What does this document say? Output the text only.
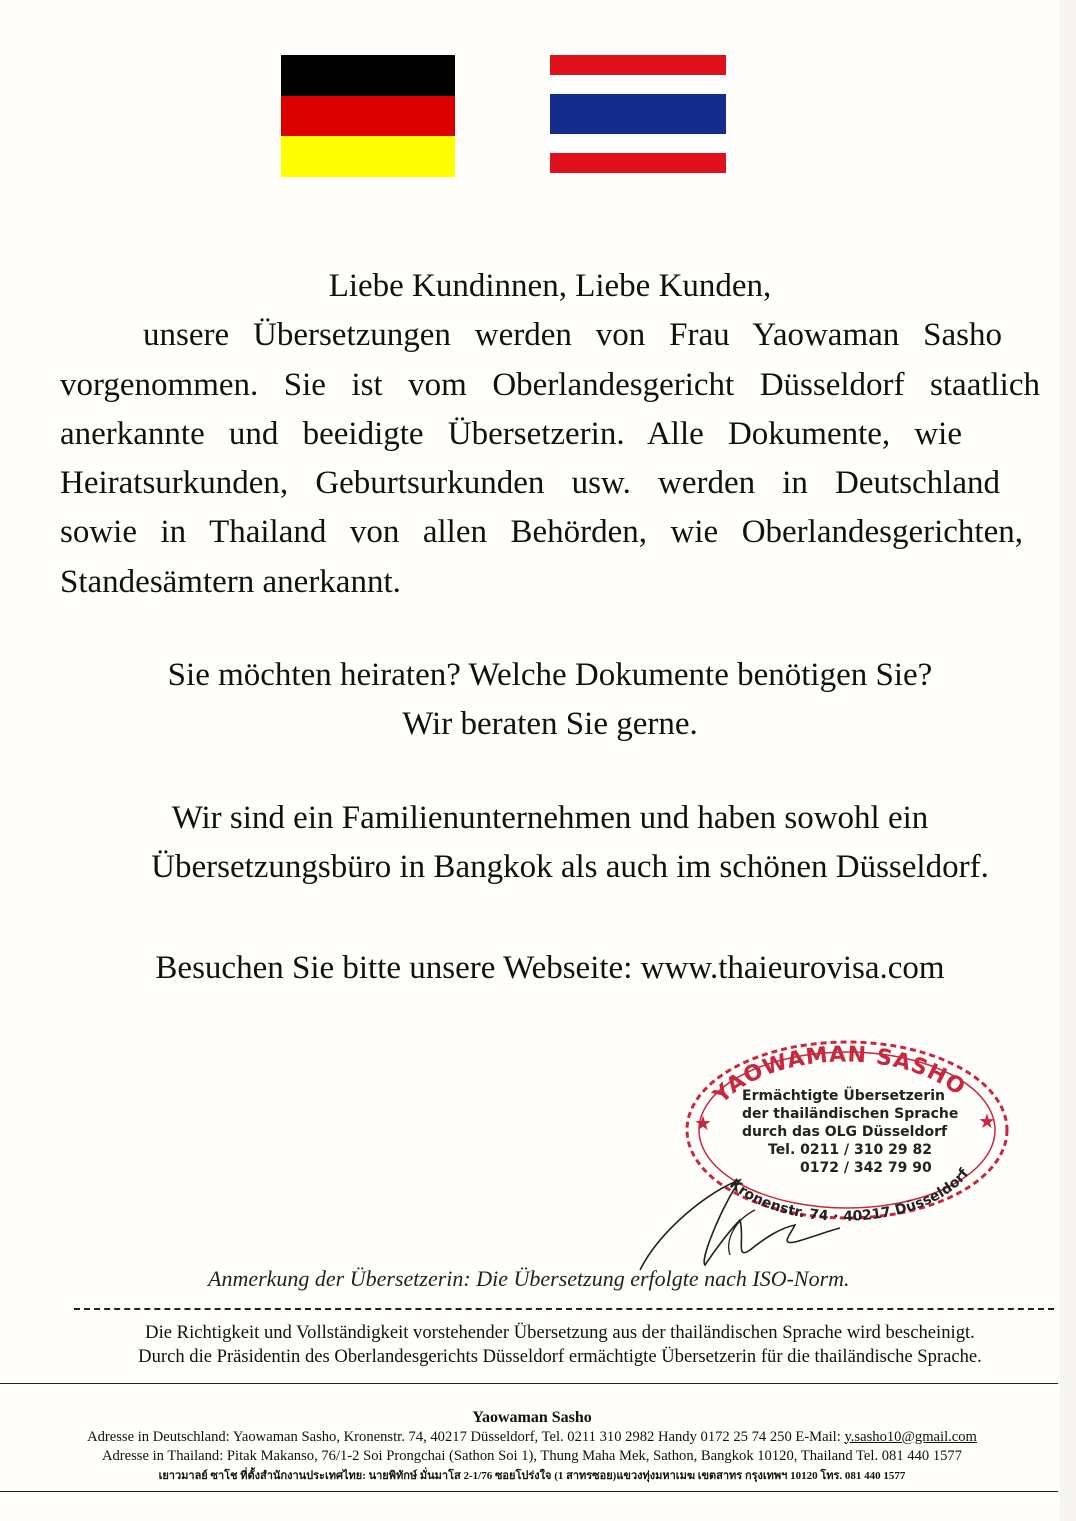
Liebe Kundinnen, Liebe Kunden,
unsere Übersetzungen werden von Frau Yaowaman Sasho
vorgenommen. Sie ist vom Oberlandesgericht Düsseldorf staatlich
anerkannte und beeidigte Übersetzerin. Alle Dokumente, wie
Heiratsurkunden, Geburtsurkunden usw. werden in Deutschland
sowie in Thailand von allen Behörden, wie Oberlandesgerichten,
Standesämtern anerkannt.
Sie möchten heiraten? Welche Dokumente benötigen Sie?
Wir beraten Sie gerne.
Wir sind ein Familienunternehmen und haben sowohl ein
Übersetzungsbüro in Bangkok als auch im schönen Düsseldorf.
Besuchen Sie bitte unsere Webseite: www.thaieurovisa.com
YAOWAMAN SASHO
Kronenstr. 74 · 40217 Düsseldorf
★	★
Ermächtigte Übersetzerin
der thailändischen Sprache
durch das OLG Düsseldorf
Tel. 0211 / 310 29 82
0172 / 342 79 90
Anmerkung der Übersetzerin: Die Übersetzung erfolgte nach ISO-Norm.
Die Richtigkeit und Vollständigkeit vorstehender Übersetzung aus der thailändischen Sprache wird bescheinigt.
Durch die Präsidentin des Oberlandesgerichts Düsseldorf ermächtigte Übersetzerin für die thailändische Sprache.
Yaowaman Sasho
Adresse in Deutschland: Yaowaman Sasho, Kronenstr. 74, 40217 Düsseldorf, Tel. 0211 310 2982 Handy 0172 25 74 250 E-Mail: y.sasho10@gmail.com
Adresse in Thailand: Pitak Makanso, 76/1-2 Soi Prongchai (Sathon Soi 1), Thung Maha Mek, Sathon, Bangkok 10120, Thailand Tel. 081 440 1577
เยาวมาลย์ ซาโช ที่ตั้งสำนักงานประเทศไทย: นายพิทักษ์ มั่นมาโส 2-1/76 ซอยโปร่งใจ (1 สาทรซอย)แขวงทุ่งมหาเมฆ เขตสาทร กรุงเทพฯ 10120 โทร. 081 440 1577
